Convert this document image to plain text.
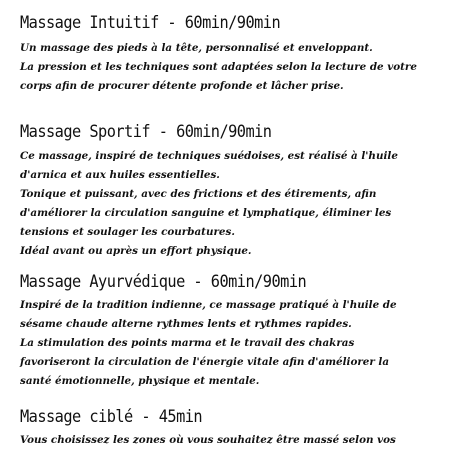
Massage Intuitif - 60min/90min
Un massage des pieds à la tête, personnalisé et enveloppant. La pression et les techniques sont adaptées selon la lecture de votre corps afin de procurer détente profonde et lâcher prise.
Massage Sportif - 60min/90min
Ce massage, inspiré de techniques suédoises, est réalisé à l'huile d'arnica et aux huiles essentielles. Tonique et puissant, avec des frictions et des étirements, afin d'améliorer la circulation sanguine et lymphatique, éliminer les tensions et soulager les courbatures. Idéal avant ou après un effort physique.
Massage Ayurvédique - 60min/90min
Inspiré de la tradition indienne, ce massage pratiqué à l'huile de sésame chaude alterne rythmes lents et rythmes rapides. La stimulation des points marma et le travail des chakras favoriseront la circulation de l'énergie vitale afin d'améliorer la santé émotionnelle, physique et mentale.
Massage ciblé - 45min
Vous choisissez les zones où vous souhaitez être massé selon vos
